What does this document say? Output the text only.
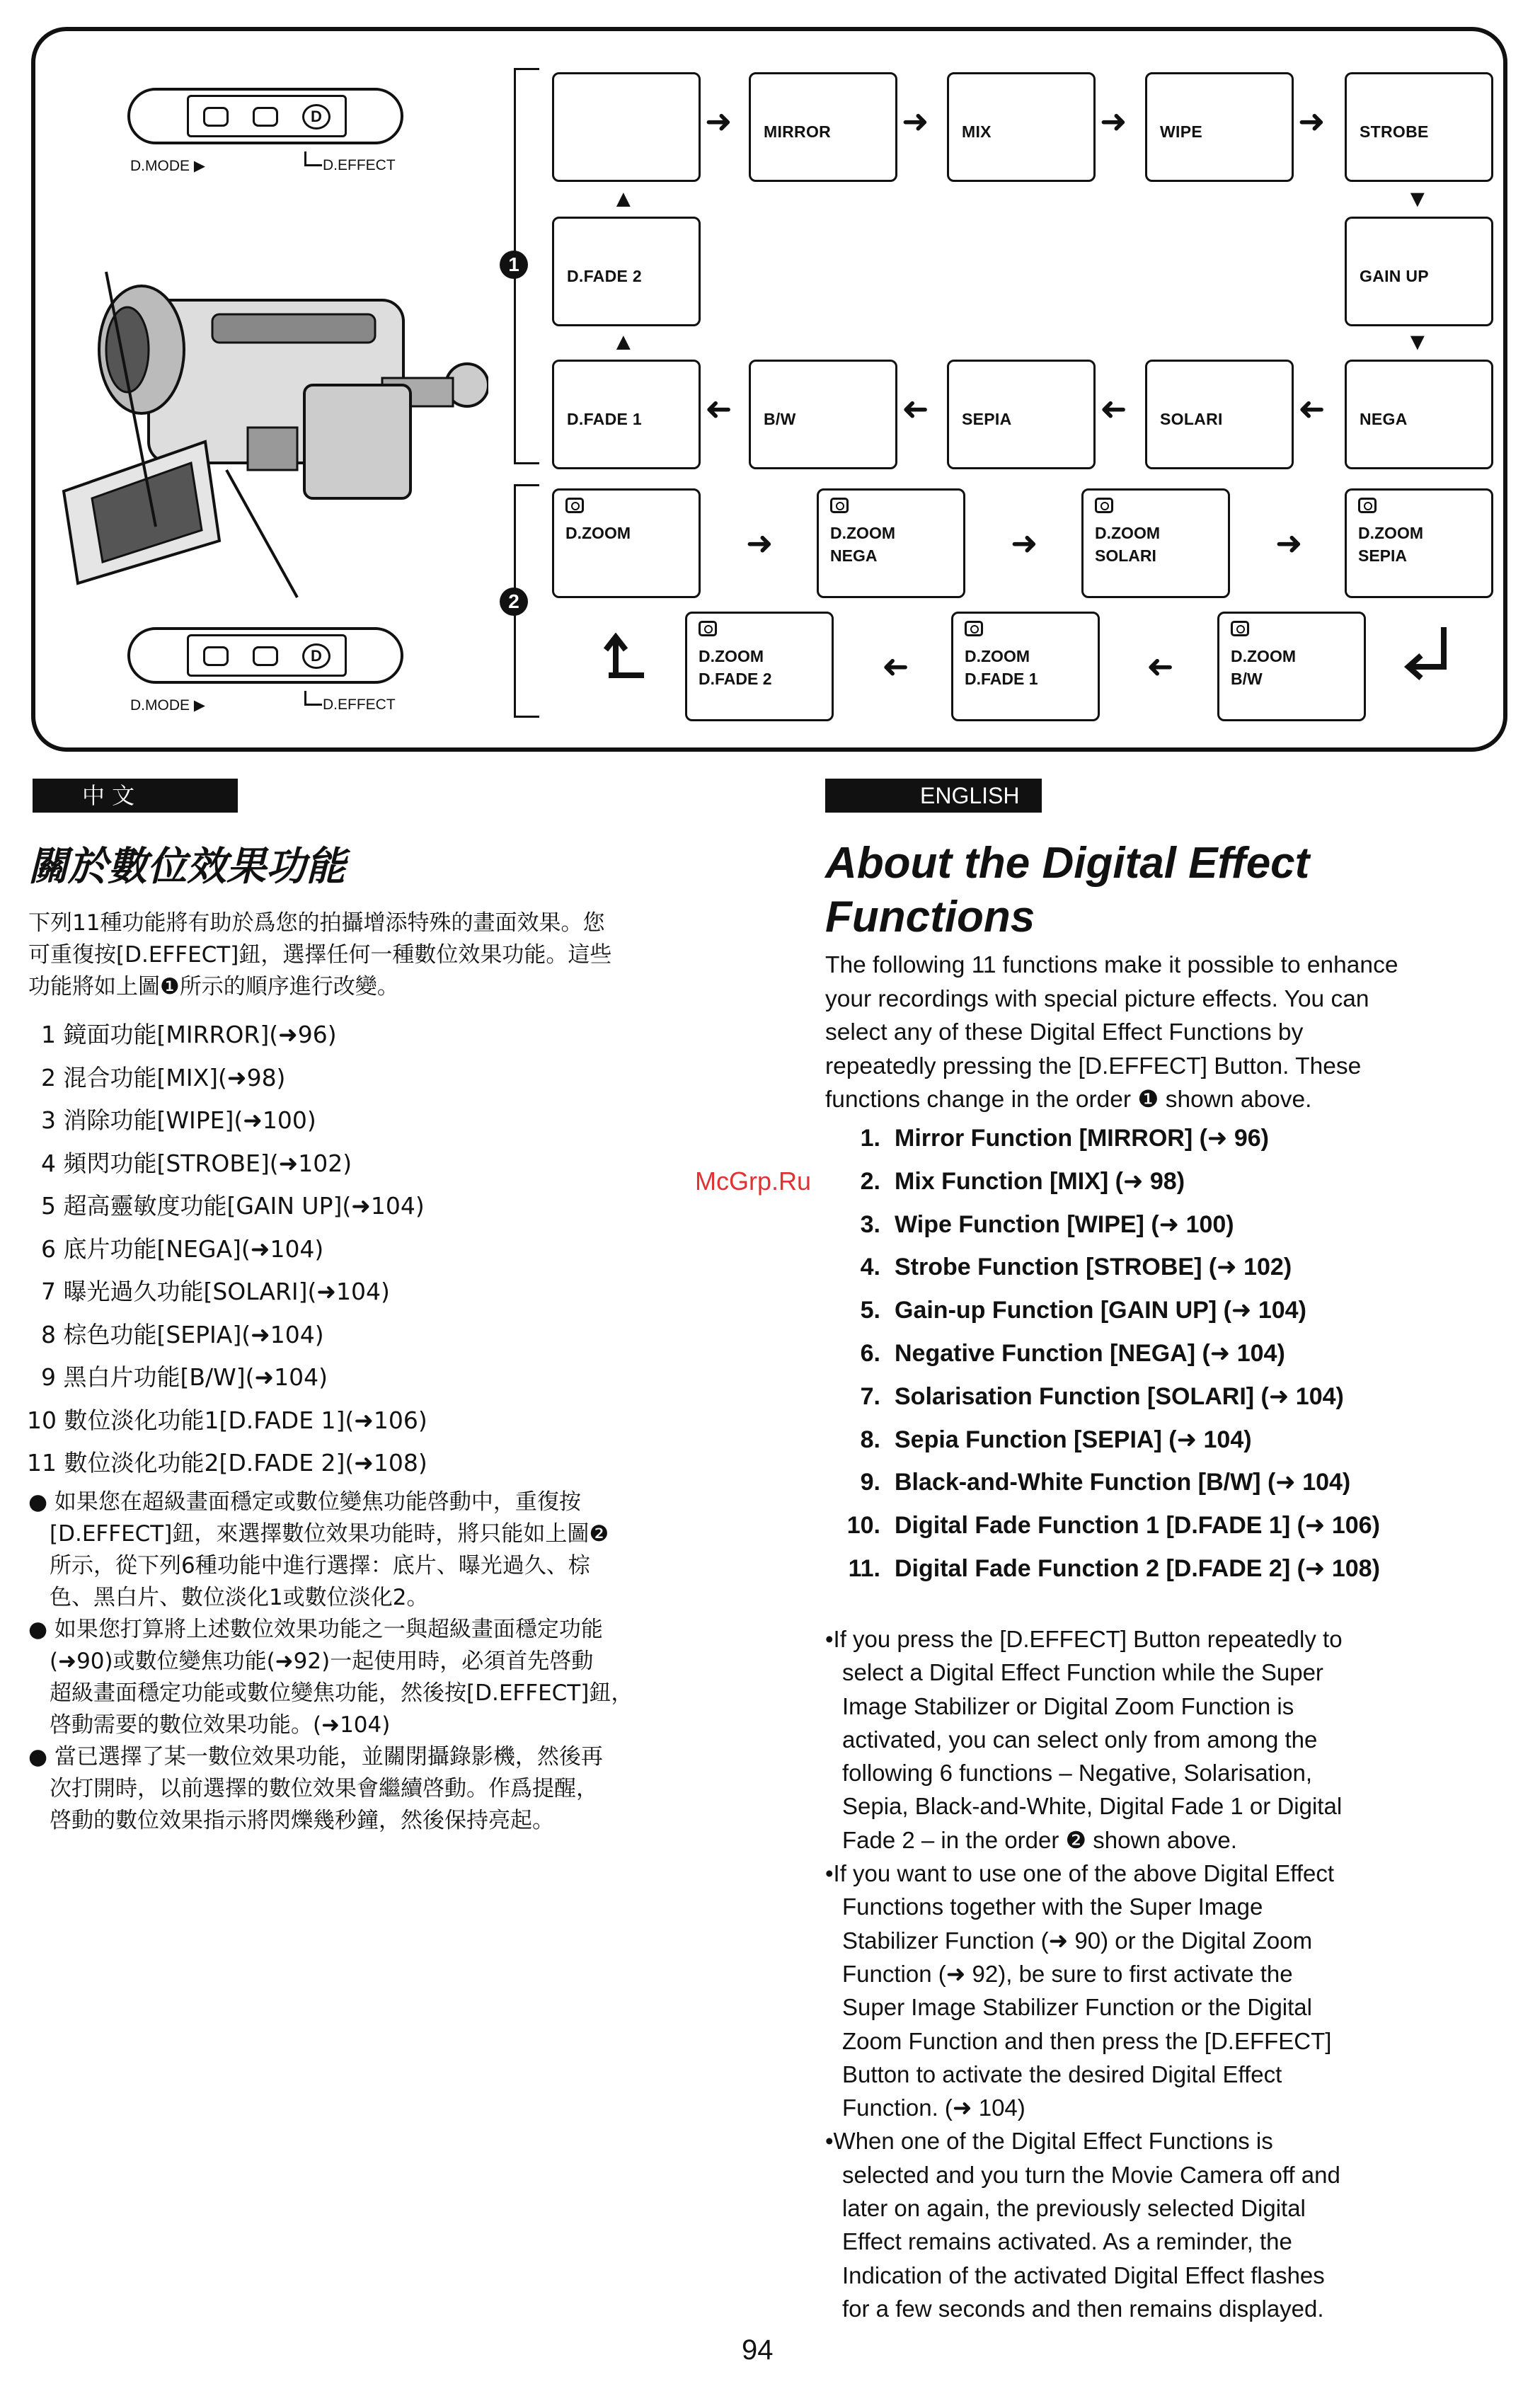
D
D.MODE ▶	D.EFFECT
D
D.MODE ▶	D.EFFECT
1
2
➜ MIRROR ➜ MIX	➜ WIPE	➜ STROBE
▲
D.FADE 2
▼
GAIN UP
▲	▼
D.FADE 1 ➜ B/W	➜ SEPIA	➜ SOLARI ➜ NEGA
D.ZOOM	➜	D.ZOOM
NEGA	➜	D.ZOOM
SOLARI	➜	D.ZOOM
SEPIA
D.ZOOM
D.FADE 2	➜	D.ZOOM
D.FADE 1	➜	D.ZOOM
B/W
中 文
關於數位效果功能

下列11種功能將有助於爲您的拍攝增添特殊的畫面效果。您

可重復按[D.EFFECT]鈕，選擇任何一種數位效果功能。這些

功能將如上圖❶所示的順序進行改變。

1 鏡面功能[MIRROR](➜96)

2 混合功能[MIX](➜98)

3 消除功能[WIPE](➜100)

4 頻閃功能[STROBE](➜102)

5 超高靈敏度功能[GAIN UP](➜104)

6 底片功能[NEGA](➜104)

7 曝光過久功能[SOLARI](➜104)

8 棕色功能[SEPIA](➜104)

9 黑白片功能[B/W](➜104)

10 數位淡化功能1[D.FADE 1](➜106)

11 數位淡化功能2[D.FADE 2](➜108)

● 如果您在超級畫面穩定或數位變焦功能啓動中，重復按

[D.EFFECT]鈕，來選擇數位效果功能時，將只能如上圖❷

所示，從下列6種功能中進行選擇：底片、曝光過久、棕

色、黑白片、數位淡化1或數位淡化2。

● 如果您打算將上述數位效果功能之一與超級畫面穩定功能

(➜90)或數位變焦功能(➜92)一起使用時，必須首先啓動

超級畫面穩定功能或數位變焦功能，然後按[D.EFFECT]鈕，

啓動需要的數位效果功能。(➜104)

● 當已選擇了某一數位效果功能，並關閉攝錄影機，然後再

次打開時，以前選擇的數位效果會繼續啓動。作爲提醒，

啓動的數位效果指示將閃爍幾秒鐘，然後保持亮起。

ENGLISH

About the Digital Effect

Functions

The following 11 functions make it possible to enhance

your recordings with special picture effects. You can

select any of these Digital Effect Functions by

repeatedly pressing the [D.EFFECT] Button. These

functions change in the order ❶ shown above.

1. Mirror Function [MIRROR] (➜ 96)
2. Mix Function [MIX] (➜ 98)
3. Wipe Function [WIPE] (➜ 100)
4. Strobe Function [STROBE] (➜ 102)
5. Gain-up Function [GAIN UP] (➜ 104)
6. Negative Function [NEGA] (➜ 104)
7. Solarisation Function [SOLARI] (➜ 104)
8. Sepia Function [SEPIA] (➜ 104)
9. Black-and-White Function [B/W] (➜ 104)
10. Digital Fade Function 1 [D.FADE 1] (➜ 106)
11. Digital Fade Function 2 [D.FADE 2] (➜ 108)

•If you press the [D.EFFECT] Button repeatedly to

select a Digital Effect Function while the Super

Image Stabilizer or Digital Zoom Function is

activated, you can select only from among the

following 6 functions – Negative, Solarisation,

Sepia, Black-and-White, Digital Fade 1 or Digital

Fade 2 – in the order ❷ shown above.

•If you want to use one of the above Digital Effect

Functions together with the Super Image

Stabilizer Function (➜ 90) or the Digital Zoom

Function (➜ 92), be sure to first activate the

Super Image Stabilizer Function or the Digital

Zoom Function and then press the [D.EFFECT]

Button to activate the desired Digital Effect

Function. (➜ 104)

•When one of the Digital Effect Functions is

selected and you turn the Movie Camera off and

later on again, the previously selected Digital

Effect remains activated. As a reminder, the

Indication of the activated Digital Effect flashes

for a few seconds and then remains displayed.

McGrp.Ru
94
